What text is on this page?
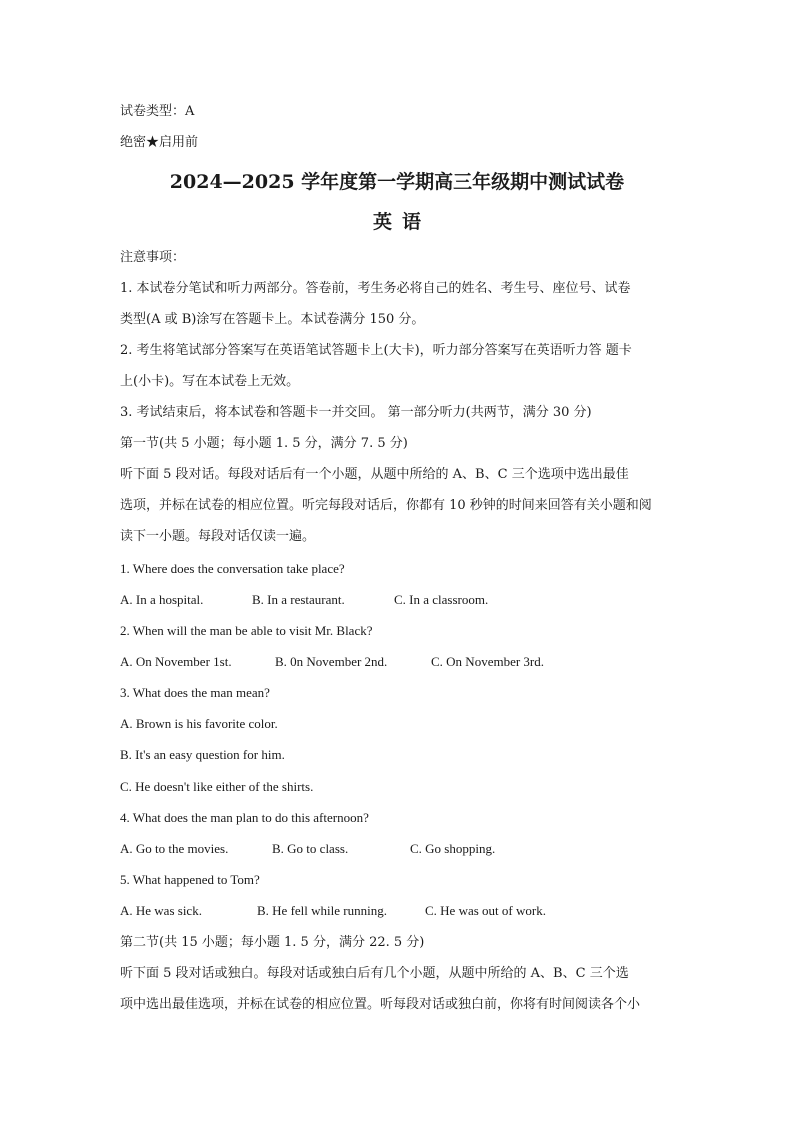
试卷类型：A
绝密★启用前
2024—2025 学年度第一学期高三年级期中测试试卷
英语
注意事项：
1. 本试卷分笔试和听力两部分。答卷前，考生务必将自己的姓名、考生号、座位号、试卷
类型(A 或 B)涂写在答题卡上。本试卷满分 150 分。
2. 考生将笔试部分答案写在英语笔试答题卡上(大卡)，听力部分答案写在英语听力答 题卡
上(小卡)。写在本试卷上无效。
3. 考试结束后，将本试卷和答题卡一并交回。 第一部分听力(共两节，满分 30 分)
第一节(共 5 小题；每小题 1. 5 分，满分 7. 5 分)
听下面 5 段对话。每段对话后有一个小题，从题中所给的 A、B、C 三个选项中选出最佳
选项，并标在试卷的相应位置。听完每段对话后，你都有 10 秒钟的时间来回答有关小题和阅
读下一小题。每段对话仅读一遍。
1. Where does the conversation take place?
A. In a hospital.	B. In a restaurant.	C. In a classroom.
2. When will the man be able to visit Mr. Black?
A. On November 1st.	B. 0n November 2nd.	C. On November 3rd.
3. What does the man mean?
A. Brown is his favorite color.
B. It's an easy question for him.
C. He doesn't like either of the shirts.
4. What does the man plan to do this afternoon?
A. Go to the movies.	B. Go to class.	C. Go shopping.
5. What happened to Tom?
A. He was sick.	B. He fell while running.	C. He was out of work.
第二节(共 15 小题；每小题 1. 5 分，满分 22. 5 分)
听下面 5 段对话或独白。每段对话或独白后有几个小题，从题中所给的 A、B、C 三个选
项中选出最佳选项，并标在试卷的相应位置。听每段对话或独白前，你将有时间阅读各个小
